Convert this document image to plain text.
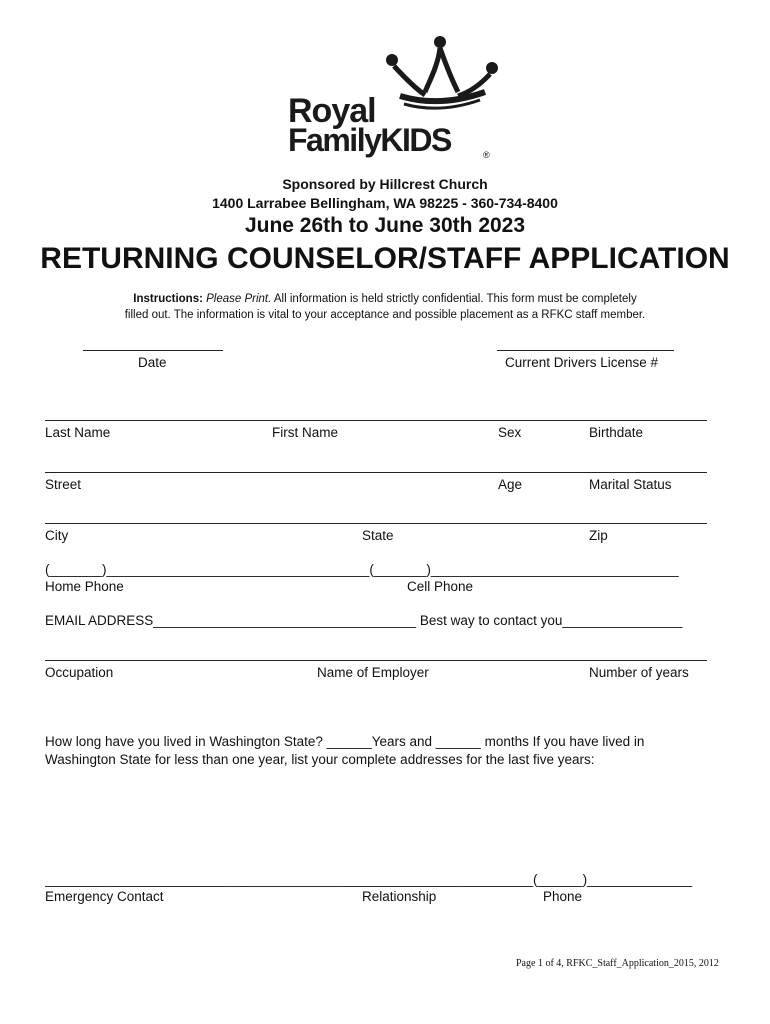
Royal
FamilyKIDS	®
Sponsored by Hillcrest Church
1400 Larrabee Bellingham, WA 98225 - 360-734-8400
June 26th to June 30th 2023
RETURNING COUNSELOR/STAFF APPLICATION
Instructions: Please Print. All information is held strictly confidential. This form must be completely
filled out. The information is vital to your acceptance and possible placement as a RFKC staff member.
Date	Current Drivers License #
Last Name	First Name	Sex	Birthdate
Street	Age	Marital Status
City	State	Zip
(_______)___________________________________(_______)_________________________________
Home Phone	Cell Phone
EMAIL ADDRESS___________________________________ Best way to contact you________________
Occupation	Name of Employer	Number of years
How long have you lived in Washington State? ______Years and ______ months If you have lived in
Washington State for less than one year, list your complete addresses for the last five years:
_________________________________________________________________(______)______________
Emergency Contact	Relationship	Phone
Page 1 of 4, RFKC_Staff_Application_2015, 2012
